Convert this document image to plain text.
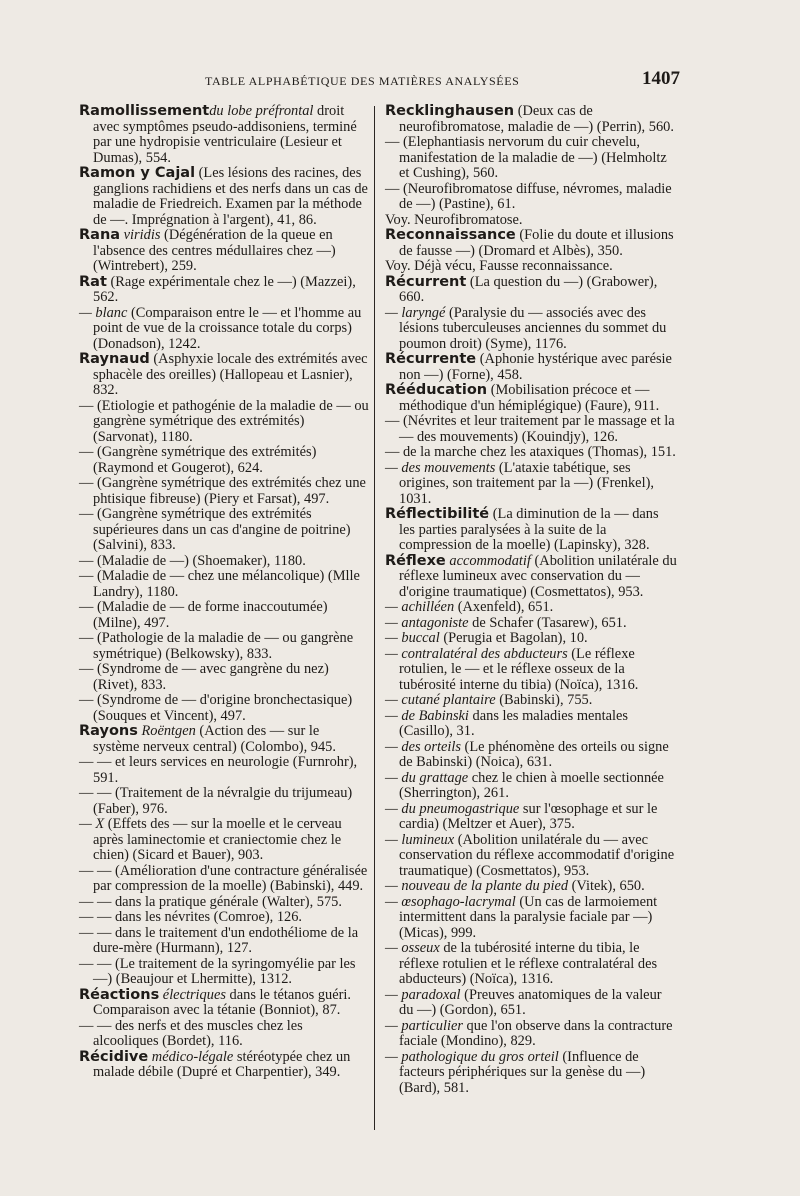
TABLE ALPHABÉTIQUE DES MATIÈRES ANALYSÉES	1407

Ramollissementdu lobe préfrontal droit avec symptômes pseudo-addisoniens, terminé par une hydropisie ventriculaire (Lesieur et Dumas), 554.

Ramon y Cajal (Les lésions des racines, des ganglions rachidiens et des nerfs dans un cas de maladie de Friedreich. Examen par la méthode de —. Imprégnation à l'argent), 41, 86.

Rana viridis (Dégénération de la queue en l'absence des centres médullaires chez —) (Wintrebert), 259.

Rat (Rage expérimentale chez le —) (Mazzei), 562.

— blanc (Comparaison entre le — et l'homme au point de vue de la croissance totale du corps) (Donadson), 1242.

Raynaud (Asphyxie locale des extrémités avec sphacèle des oreilles) (Hallopeau et Lasnier), 832.

— (Etiologie et pathogénie de la maladie de — ou gangrène symétrique des extrémités) (Sarvonat), 1180.

— (Gangrène symétrique des extrémités) (Raymond et Gougerot), 624.

— (Gangrène symétrique des extrémités chez une phtisique fibreuse) (Piery et Farsat), 497.

— (Gangrène symétrique des extrémités supérieures dans un cas d'angine de poitrine) (Salvini), 833.

— (Maladie de —) (Shoemaker), 1180.

— (Maladie de — chez une mélancolique) (Mlle Landry), 1180.

— (Maladie de — de forme inaccoutumée) (Milne), 497.

— (Pathologie de la maladie de — ou gangrène symétrique) (Belkowsky), 833.

— (Syndrome de — avec gangrène du nez) (Rivet), 833.

— (Syndrome de — d'origine bronchectasique) (Souques et Vincent), 497.

Rayons Roëntgen (Action des — sur le système nerveux central) (Colombo), 945.

— — et leurs services en neurologie (Furnrohr), 591.

— — (Traitement de la névralgie du trijumeau) (Faber), 976.

— X (Effets des — sur la moelle et le cerveau après laminectomie et craniectomie chez le chien) (Sicard et Bauer), 903.

— — (Amélioration d'une contracture généralisée par compression de la moelle) (Babinski), 449.

— — dans la pratique générale (Walter), 575.

— — dans les névrites (Comroe), 126.

— — dans le traitement d'un endothéliome de la dure-mère (Hurmann), 127.

— — (Le traitement de la syringomyélie par les —) (Beaujour et Lhermitte), 1312.

Réactions électriques dans le tétanos guéri. Comparaison avec la tétanie (Bonniot), 87.

— — des nerfs et des muscles chez les alcooliques (Bordet), 116.

Récidive médico-légale stéréotypée chez un malade débile (Dupré et Charpentier), 349.

Recklinghausen (Deux cas de neurofibromatose, maladie de —) (Perrin), 560.

— (Elephantiasis nervorum du cuir chevelu, manifestation de la maladie de —) (Helmholtz et Cushing), 560.

— (Neurofibromatose diffuse, névromes, maladie de —) (Pastine), 61.

Voy. Neurofibromatose.

Reconnaissance (Folie du doute et illusions de fausse —) (Dromard et Albès), 350.

Voy. Déjà vécu, Fausse reconnaissance.

Récurrent (La question du —) (Grabower), 660.

— laryngé (Paralysie du — associés avec des lésions tuberculeuses anciennes du sommet du poumon droit) (Syme), 1176.

Récurrente (Aphonie hystérique avec parésie non —) (Forne), 458.

Rééducation (Mobilisation précoce et — méthodique d'un hémiplégique) (Faure), 911.

— (Névrites et leur traitement par le massage et la — des mouvements) (Kouindjy), 126.

— de la marche chez les ataxiques (Thomas), 151.

— des mouvements (L'ataxie tabétique, ses origines, son traitement par la —) (Frenkel), 1031.

Réflectibilité (La diminution de la — dans les parties paralysées à la suite de la compression de la moelle) (Lapinsky), 328.

Réflexe accommodatif (Abolition unilatérale du réflexe lumineux avec conservation du — d'origine traumatique) (Cosmettatos), 953.

— achilléen (Axenfeld), 651.

— antagoniste de Schafer (Tasarew), 651.

— buccal (Perugia et Bagolan), 10.

— contralatéral des abducteurs (Le réflexe rotulien, le — et le réflexe osseux de la tubérosité interne du tibia) (Noïca), 1316.

— cutané plantaire (Babinski), 755.

— de Babinski dans les maladies mentales (Casillo), 31.

— des orteils (Le phénomène des orteils ou signe de Babinski) (Noica), 631.

— du grattage chez le chien à moelle sectionnée (Sherrington), 261.

— du pneumogastrique sur l'œsophage et sur le cardia) (Meltzer et Auer), 375.

— lumineux (Abolition unilatérale du — avec conservation du réflexe accommodatif d'origine traumatique) (Cosmettatos), 953.

— nouveau de la plante du pied (Vitek), 650.

— œsophago-lacrymal (Un cas de larmoiement intermittent dans la paralysie faciale par —) (Micas), 999.

— osseux de la tubérosité interne du tibia, le réflexe rotulien et le réflexe contralatéral des abducteurs) (Noïca), 1316.

— paradoxal (Preuves anatomiques de la valeur du —) (Gordon), 651.

— particulier que l'on observe dans la contracture faciale (Mondino), 829.

— pathologique du gros orteil (Influence de facteurs périphériques sur la genèse du —) (Bard), 581.
